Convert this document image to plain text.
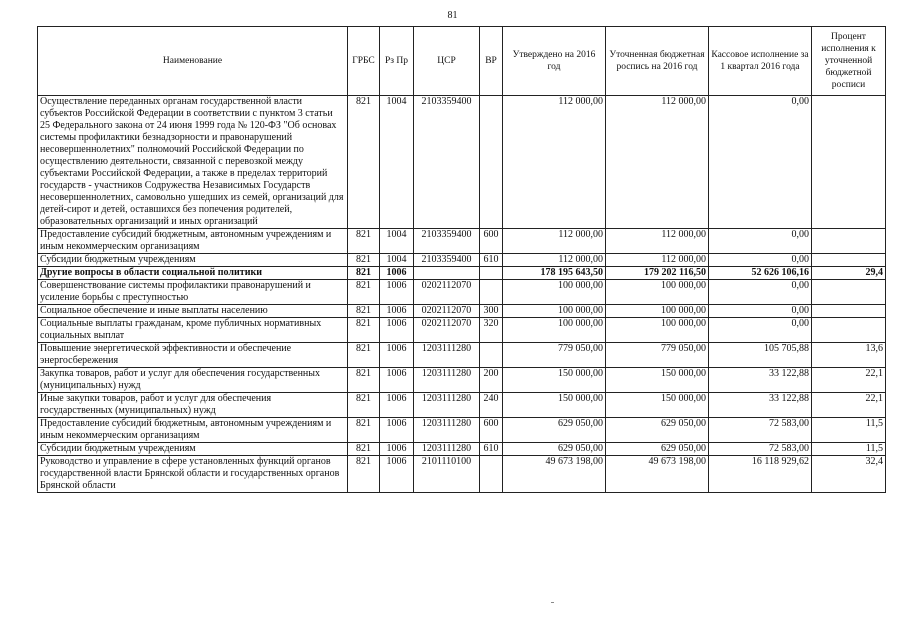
81
Наименование	ГРБС	Рз Пр	ЦСР	ВР	Утверждено на 2016 год	Уточненная бюджетная роспись на 2016 год	Кассовое исполнение за 1 квартал 2016 года	Процент исполнения к уточненной бюджетной росписи
Осуществление переданных органам государственной власти субъектов Российской Федерации в соответствии с пунктом 3 статьи 25 Федерального закона от 24 июня 1999 года № 120-ФЗ "Об основах системы профилактики безнадзорности и правонарушений несовершеннолетних" полномочий Российской Федерации по осуществлению деятельности, связанной с перевозкой между субъектами Российской Федерации, а также в пределах территорий государств - участников Содружества Независимых Государств несовершеннолетних, самовольно ушедших из семей, организаций для детей-сирот и детей, оставшихся без попечения родителей, образовательных организаций и иных организаций	821	1004	2103359400		112 000,00	112 000,00	0,00	
Предоставление субсидий бюджетным, автономным учреждениям и иным некоммерческим организациям	821	1004	2103359400	600	112 000,00	112 000,00	0,00	
Субсидии бюджетным учреждениям	821	1004	2103359400	610	112 000,00	112 000,00	0,00	
Другие вопросы в области социальной политики	821	1006			178 195 643,50	179 202 116,50	52 626 106,16	29,4
Совершенствование системы профилактики правонарушений и усиление борьбы с преступностью	821	1006	0202112070		100 000,00	100 000,00	0,00	
Социальное обеспечение и иные выплаты населению	821	1006	0202112070	300	100 000,00	100 000,00	0,00	
Социальные выплаты гражданам, кроме публичных нормативных социальных выплат	821	1006	0202112070	320	100 000,00	100 000,00	0,00	
Повышение энергетической эффективности и обеспечение энергосбережения	821	1006	1203111280		779 050,00	779 050,00	105 705,88	13,6
Закупка товаров, работ и услуг для обеспечения государственных (муниципальных) нужд	821	1006	1203111280	200	150 000,00	150 000,00	33 122,88	22,1
Иные закупки товаров, работ и услуг для обеспечения государственных (муниципальных) нужд	821	1006	1203111280	240	150 000,00	150 000,00	33 122,88	22,1
Предоставление субсидий бюджетным, автономным учреждениям и иным некоммерческим организациям	821	1006	1203111280	600	629 050,00	629 050,00	72 583,00	11,5
Субсидии бюджетным учреждениям	821	1006	1203111280	610	629 050,00	629 050,00	72 583,00	11,5
Руководство и управление в сфере установленных функций органов государственной власти Брянской области и государственных органов Брянской области	821	1006	2101110100		49 673 198,00	49 673 198,00	16 118 929,62	32,4
